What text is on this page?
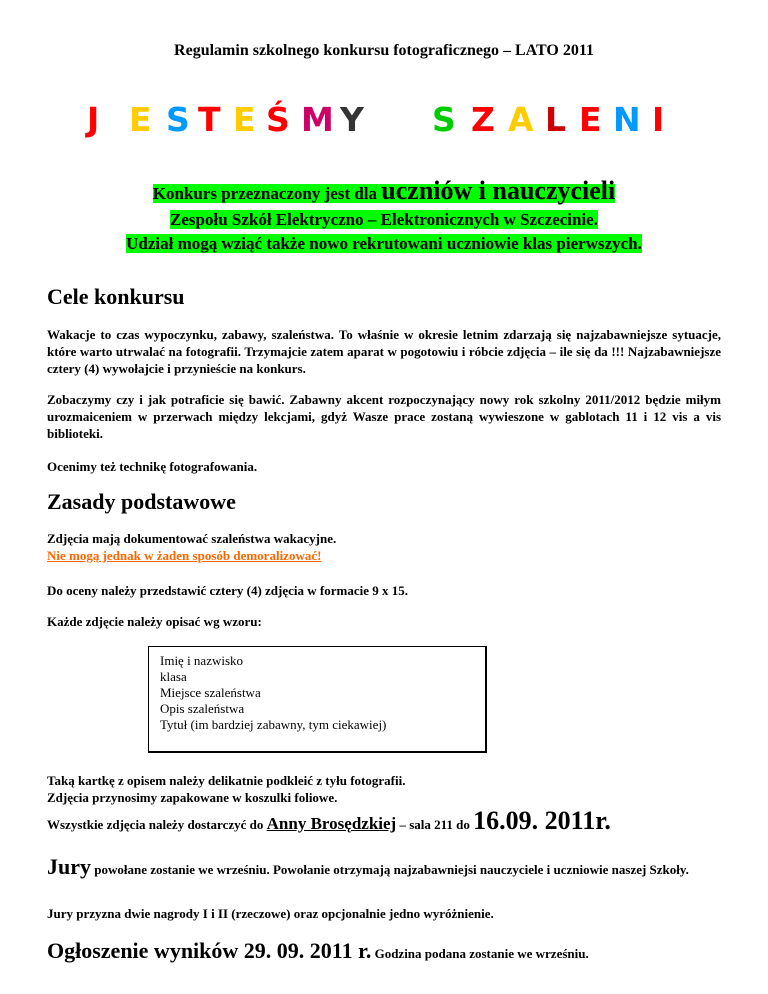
Regulamin szkolnego konkursu fotograficznego – LATO 2011
J E S T E Ś M Y S Z A L E N I
Konkurs przeznaczony jest dla uczniów i nauczycieli
Zespołu Szkół Elektryczno – Elektronicznych w Szczecinie.
Udział mogą wziąć także nowo rekrutowani uczniowie klas pierwszych.
Cele konkursu
Wakacje to czas wypoczynku, zabawy, szaleństwa. To właśnie w okresie letnim zdarzają się najzabawniejsze sytuacje, które warto utrwalać na fotografii. Trzymajcie zatem aparat w pogotowiu i róbcie zdjęcia – ile się da !!! Najzabawniejsze cztery (4) wywołajcie i przynieście na konkurs.
Zobaczymy czy i jak potraficie się bawić. Zabawny akcent rozpoczynający nowy rok szkolny 2011/2012 będzie miłym urozmaiceniem w przerwach między lekcjami, gdyż Wasze prace zostaną wywieszone w gablotach 11 i 12 vis a vis biblioteki.
Ocenimy też technikę fotografowania.
Zasady podstawowe
Zdjęcia mają dokumentować szaleństwa wakacyjne.
Nie mogą jednak w żaden sposób demoralizować!
Do oceny należy przedstawić cztery (4) zdjęcia w formacie 9 x 15.
Każde zdjęcie należy opisać wg wzoru:
Imię i nazwisko
klasa
Miejsce szaleństwa
Opis szaleństwa
Tytuł (im bardziej zabawny, tym ciekawiej)
Taką kartkę z opisem należy delikatnie podkleić z tyłu fotografii.
Zdjęcia przynosimy zapakowane w koszulki foliowe.
Wszystkie zdjęcia należy dostarczyć do Anny Brosędzkiej – sala 211 do 16.09. 2011r.
Jury powołane zostanie we wrześniu. Powołanie otrzymają najzabawniejsi nauczyciele i uczniowie naszej Szkoły.
Jury przyzna dwie nagrody I i II (rzeczowe) oraz opcjonalnie jedno wyróżnienie.
Ogłoszenie wyników 29. 09. 2011 r. Godzina podana zostanie we wrześniu.
